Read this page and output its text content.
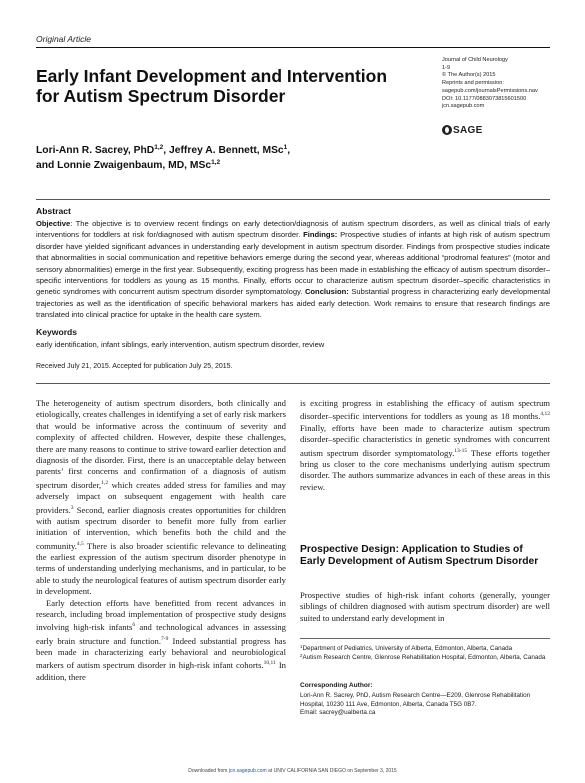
Original Article
Early Infant Development and Intervention for Autism Spectrum Disorder
Journal of Child Neurology
1-9
© The Author(s) 2015
Reprints and permission:
sagepub.com/journalsPermissions.nav
DOI: 10.1177/0883073815601500
jcn.sagepub.com
SAGE
Lori-Ann R. Sacrey, PhD$^{1,2}$, Jeffrey A. Bennett, MSc$^1$,
and Lonnie Zwaigenbaum, MD, MSc$^{1,2}$
Abstract
Objective: The objective is to overview recent findings on early detection/diagnosis of autism spectrum disorders, as well as clinical trials of early interventions for toddlers at risk for/diagnosed with autism spectrum disorder. Findings: Prospective studies of infants at high risk of autism spectrum disorder have yielded significant advances in understanding early development in autism spectrum disorder. Findings from prospective studies indicate that abnormalities in social communication and repetitive behaviors emerge during the second year, whereas additional “prodromal features” (motor and sensory abnormalities) emerge in the first year. Subsequently, exciting progress has been made in establishing the efficacy of autism spectrum disorder–specific interventions for toddlers as young as 15 months. Finally, efforts occur to characterize autism spectrum disorder–specific characteristics in genetic syndromes with concurrent autism spectrum disorder symptomatology. Conclusion: Substantial progress in characterizing early developmental trajectories as well as the identification of specific behavioral markers has aided early detection. Work remains to ensure that research findings are translated into clinical practice for uptake in the health care system.
Keywords
early identification, infant siblings, early intervention, autism spectrum disorder, review
Received July 21, 2015. Accepted for publication July 25, 2015.

The heterogeneity of autism spectrum disorders, both clinically and etiologically, creates challenges in identifying a set of early risk markers that would be informative across the continuum of severity and complexity of affected children. However, despite these challenges, there are many reasons to continue to strive toward earlier detection and diagnosis of the disorder. First, there is an unacceptable delay between parents’ first concerns and confirmation of a diagnosis of autism spectrum disorder,$^{1,2}$ which creates added stress for families and may adversely impact on subsequent engagement with health care providers.$^3$ Second, earlier diagnosis creates opportunities for children with autism spectrum disorder to benefit more fully from earlier initiation of intervention, which benefits both the child and the community.$^{4,5}$ There is also broader scientific relevance to delineating the earliest expression of the autism spectrum disorder phenotype in terms of understanding underlying mechanisms, and in particular, to be able to study the neurological features of autism spectrum disorder early in development.

Early detection efforts have benefitted from recent advances in research, including broad implementation of prospective study designs involving high-risk infants$^6$ and technological advances in assessing early brain structure and function.$^{7-9}$ Indeed substantial progress has been made in characterizing early behavioral and neurobiological markers of autism spectrum disorder in high-risk infant cohorts.$^{10,11}$ In addition, there

is exciting progress in establishing the efficacy of autism spectrum disorder–specific interventions for toddlers as young as 18 months.$^{4,12}$ Finally, efforts have been made to characterize autism spectrum disorder–specific characteristics in genetic syndromes with concurrent autism spectrum disorder symptomatology.$^{13-15}$ These efforts together bring us closer to the core mechanisms underlying autism spectrum disorder. The authors summarize advances in each of these areas in this review.
Prospective Design: Application to Studies of Early Development of Autism Spectrum Disorder
Prospective studies of high-risk infant cohorts (generally, younger siblings of children diagnosed with autism spectrum disorder) are well suited to understand early development in
$^1$Department of Pediatrics, University of Alberta, Edmonton, Alberta, Canada
$^2$Autism Research Centre, Glenrose Rehabilitation Hospital, Edmonton, Alberta, Canada
Corresponding Author:
Lori-Ann R. Sacrey, PhD, Autism Research Centre—E209, Glenrose Rehabilitation Hospital, 10230 111 Ave, Edmonton, Alberta, Canada T5G 0B7.
Email: sacrey@ualberta.ca
Downloaded from jcn.sagepub.com at UNIV CALIFORNIA SAN DIEGO on September 3, 2015
